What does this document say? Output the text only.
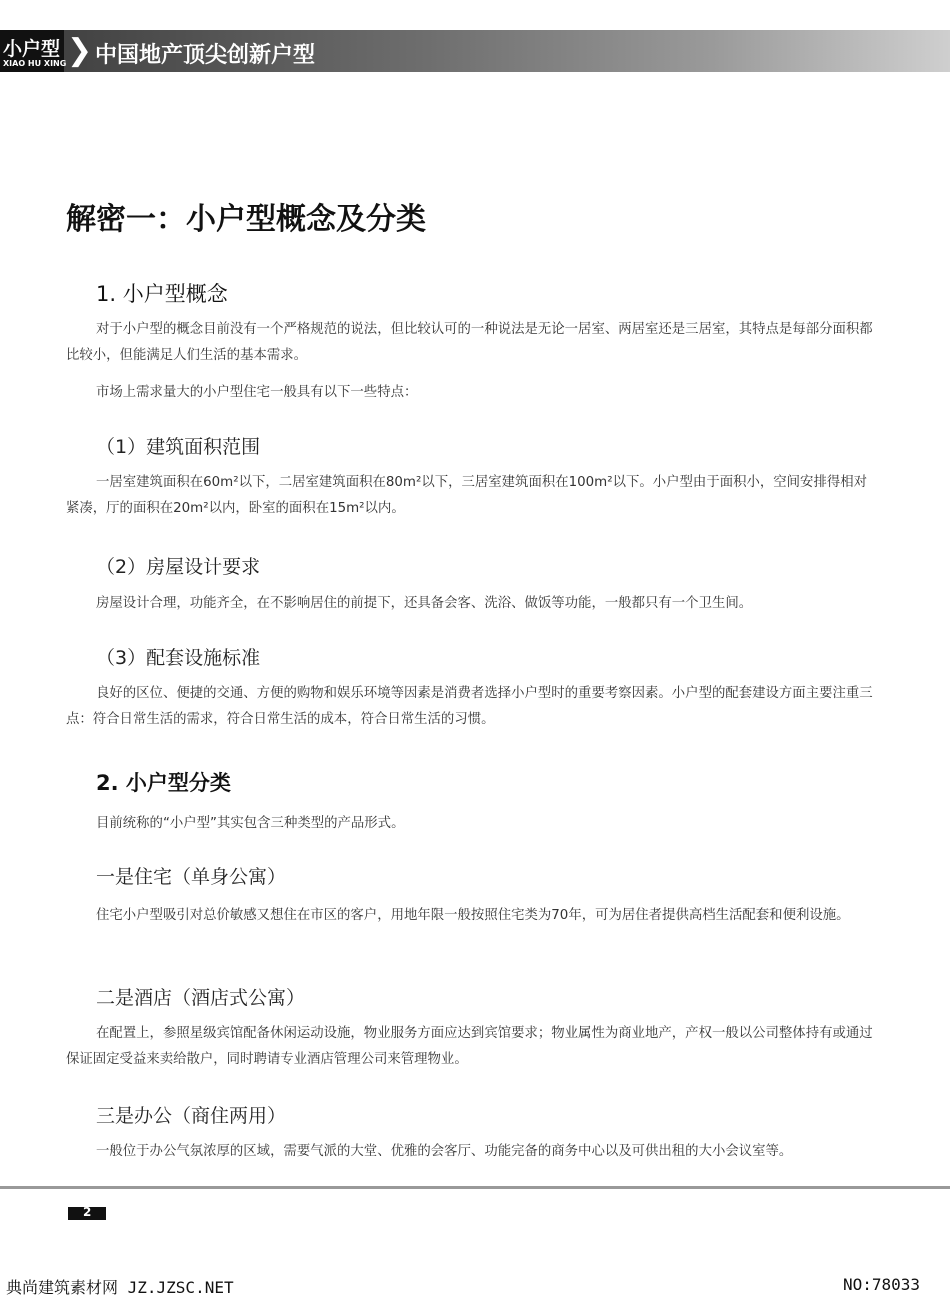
小户型
XIAO HU XING ❯ 中国地产顶尖创新户型
解密一：小户型概念及分类
1. 小户型概念
对于小户型的概念目前没有一个严格规范的说法，但比较认可的一种说法是无论一居室、两居室还是三居室，其特点是每部分面积都比较小，但能满足人们生活的基本需求。
市场上需求量大的小户型住宅一般具有以下一些特点：
（1）建筑面积范围
一居室建筑面积在60m²以下，二居室建筑面积在80m²以下，三居室建筑面积在100m²以下。小户型由于面积小，空间安排得相对紧凑，厅的面积在20m²以内，卧室的面积在15m²以内。
（2）房屋设计要求
房屋设计合理，功能齐全，在不影响居住的前提下，还具备会客、洗浴、做饭等功能，一般都只有一个卫生间。
（3）配套设施标准
良好的区位、便捷的交通、方便的购物和娱乐环境等因素是消费者选择小户型时的重要考察因素。小户型的配套建设方面主要注重三点：符合日常生活的需求，符合日常生活的成本，符合日常生活的习惯。
2. 小户型分类
目前统称的“小户型”其实包含三种类型的产品形式。
一是住宅（单身公寓）
住宅小户型吸引对总价敏感又想住在市区的客户，用地年限一般按照住宅类为70年，可为居住者提供高档生活配套和便利设施。
二是酒店（酒店式公寓）
在配置上，参照星级宾馆配备休闲运动设施，物业服务方面应达到宾馆要求；物业属性为商业地产，产权一般以公司整体持有或通过保证固定受益来卖给散户，同时聘请专业酒店管理公司来管理物业。
三是办公（商住两用）
一般位于办公气氛浓厚的区域，需要气派的大堂、优雅的会客厅、功能完备的商务中心以及可供出租的大小会议室等。
2
典尚建筑素材网 JZ.JZSC.NET	NO:78033
